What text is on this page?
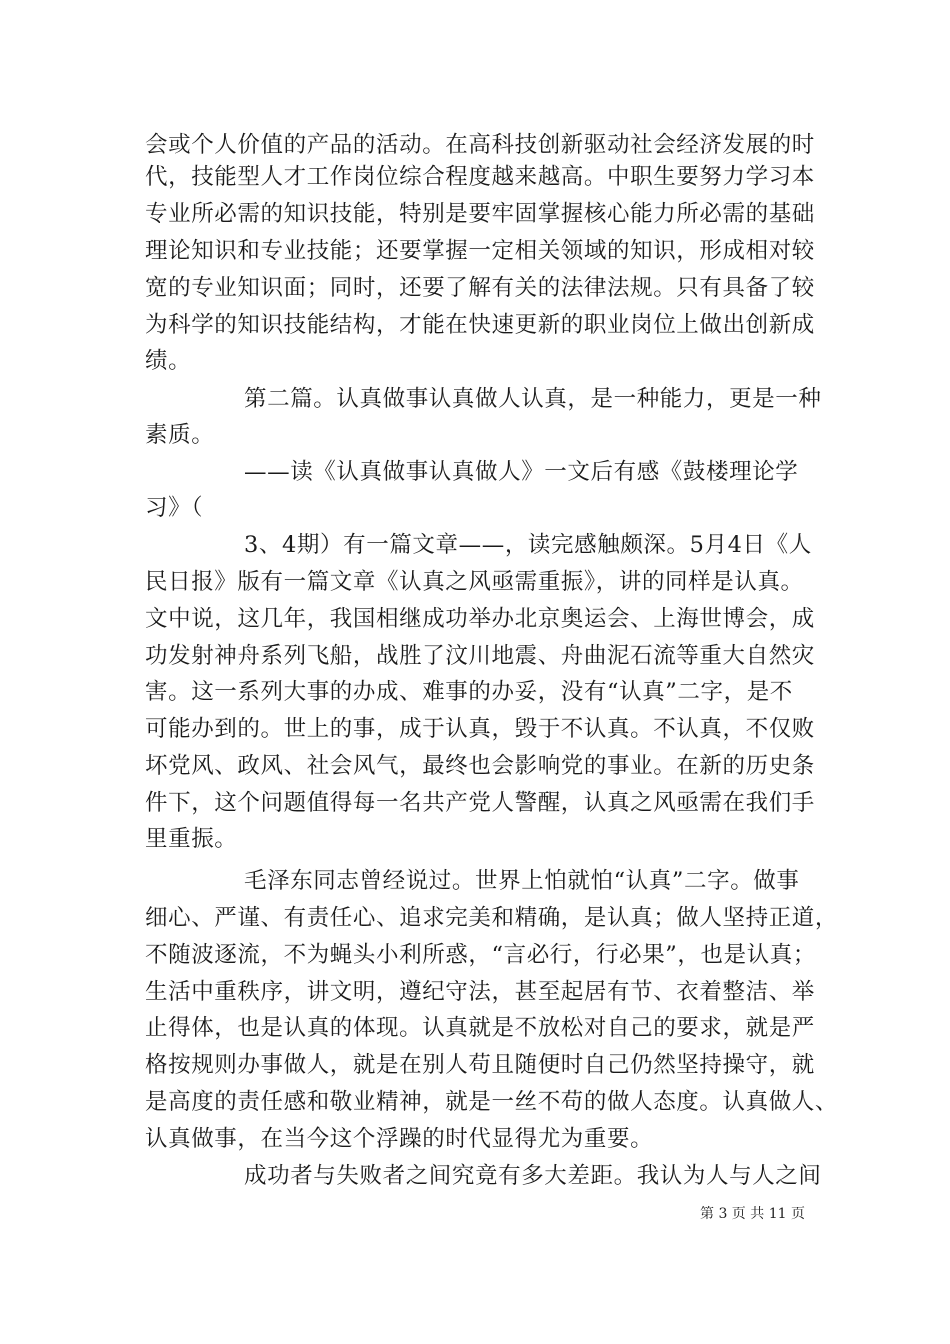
会或个人价值的产品的活动。在高科技创新驱动社会经济发展的时
代，技能型人才工作岗位综合程度越来越高。中职生要努力学习本
专业所必需的知识技能，特别是要牢固掌握核心能力所必需的基础
理论知识和专业技能；还要掌握一定相关领域的知识，形成相对较
宽的专业知识面；同时，还要了解有关的法律法规。只有具备了较
为科学的知识技能结构，才能在快速更新的职业岗位上做出创新成
绩。
第二篇。认真做事认真做人认真，是一种能力，更是一种
素质。
——读《认真做事认真做人》一文后有感《鼓楼理论学
习》（
3、4期）有一篇文章——，读完感触颇深。5月4日《人
民日报》版有一篇文章《认真之风亟需重振》，讲的同样是认真。
文中说，这几年，我国相继成功举办北京奥运会、上海世博会，成
功发射神舟系列飞船，战胜了汶川地震、舟曲泥石流等重大自然灾
害。这一系列大事的办成、难事的办妥，没有“认真”二字，是不
可能办到的。世上的事，成于认真，毁于不认真。不认真，不仅败
坏党风、政风、社会风气，最终也会影响党的事业。在新的历史条
件下，这个问题值得每一名共产党人警醒，认真之风亟需在我们手
里重振。
毛泽东同志曾经说过。世界上怕就怕“认真”二字。做事
细心、严谨、有责任心、追求完美和精确，是认真；做人坚持正道，
不随波逐流，不为蝇头小利所惑，“言必行，行必果”，也是认真；
生活中重秩序，讲文明，遵纪守法，甚至起居有节、衣着整洁、举
止得体，也是认真的体现。认真就是不放松对自己的要求，就是严
格按规则办事做人，就是在别人苟且随便时自己仍然坚持操守，就
是高度的责任感和敬业精神，就是一丝不苟的做人态度。认真做人、
认真做事，在当今这个浮躁的时代显得尤为重要。
成功者与失败者之间究竟有多大差距。我认为人与人之间
第 3 页 共 11 页
